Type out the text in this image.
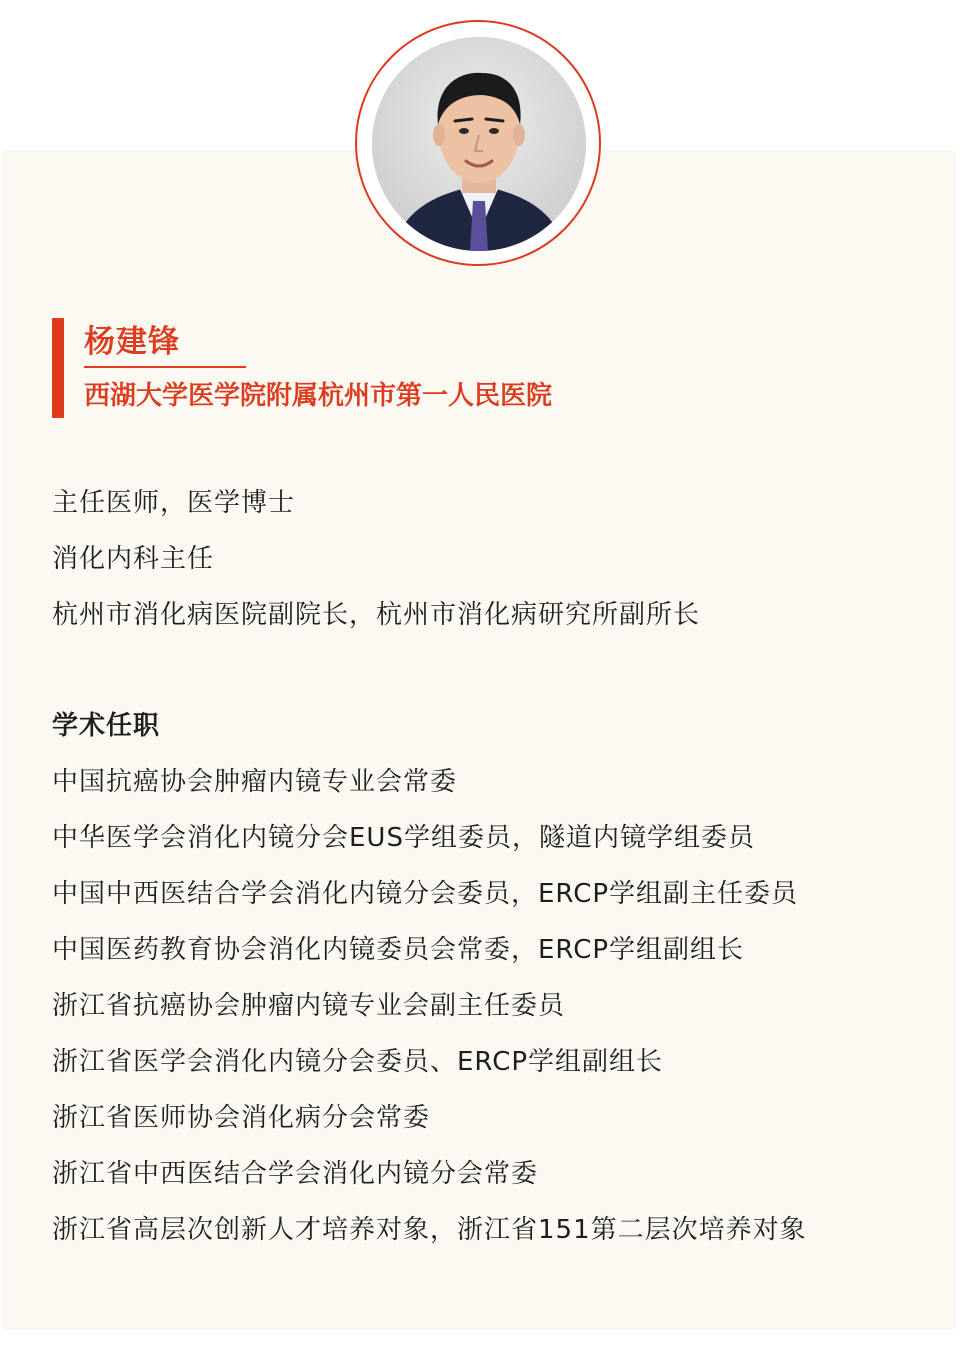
杨建锋
西湖大学医学院附属杭州市第一人民医院
主任医师，医学博士
消化内科主任
杭州市消化病医院副院长，杭州市消化病研究所副所长
学术任职
中国抗癌协会肿瘤内镜专业会常委
中华医学会消化内镜分会EUS学组委员，隧道内镜学组委员
中国中西医结合学会消化内镜分会委员，ERCP学组副主任委员
中国医药教育协会消化内镜委员会常委，ERCP学组副组长
浙江省抗癌协会肿瘤内镜专业会副主任委员
浙江省医学会消化内镜分会委员、ERCP学组副组长
浙江省医师协会消化病分会常委
浙江省中西医结合学会消化内镜分会常委
浙江省高层次创新人才培养对象，浙江省151第二层次培养对象
